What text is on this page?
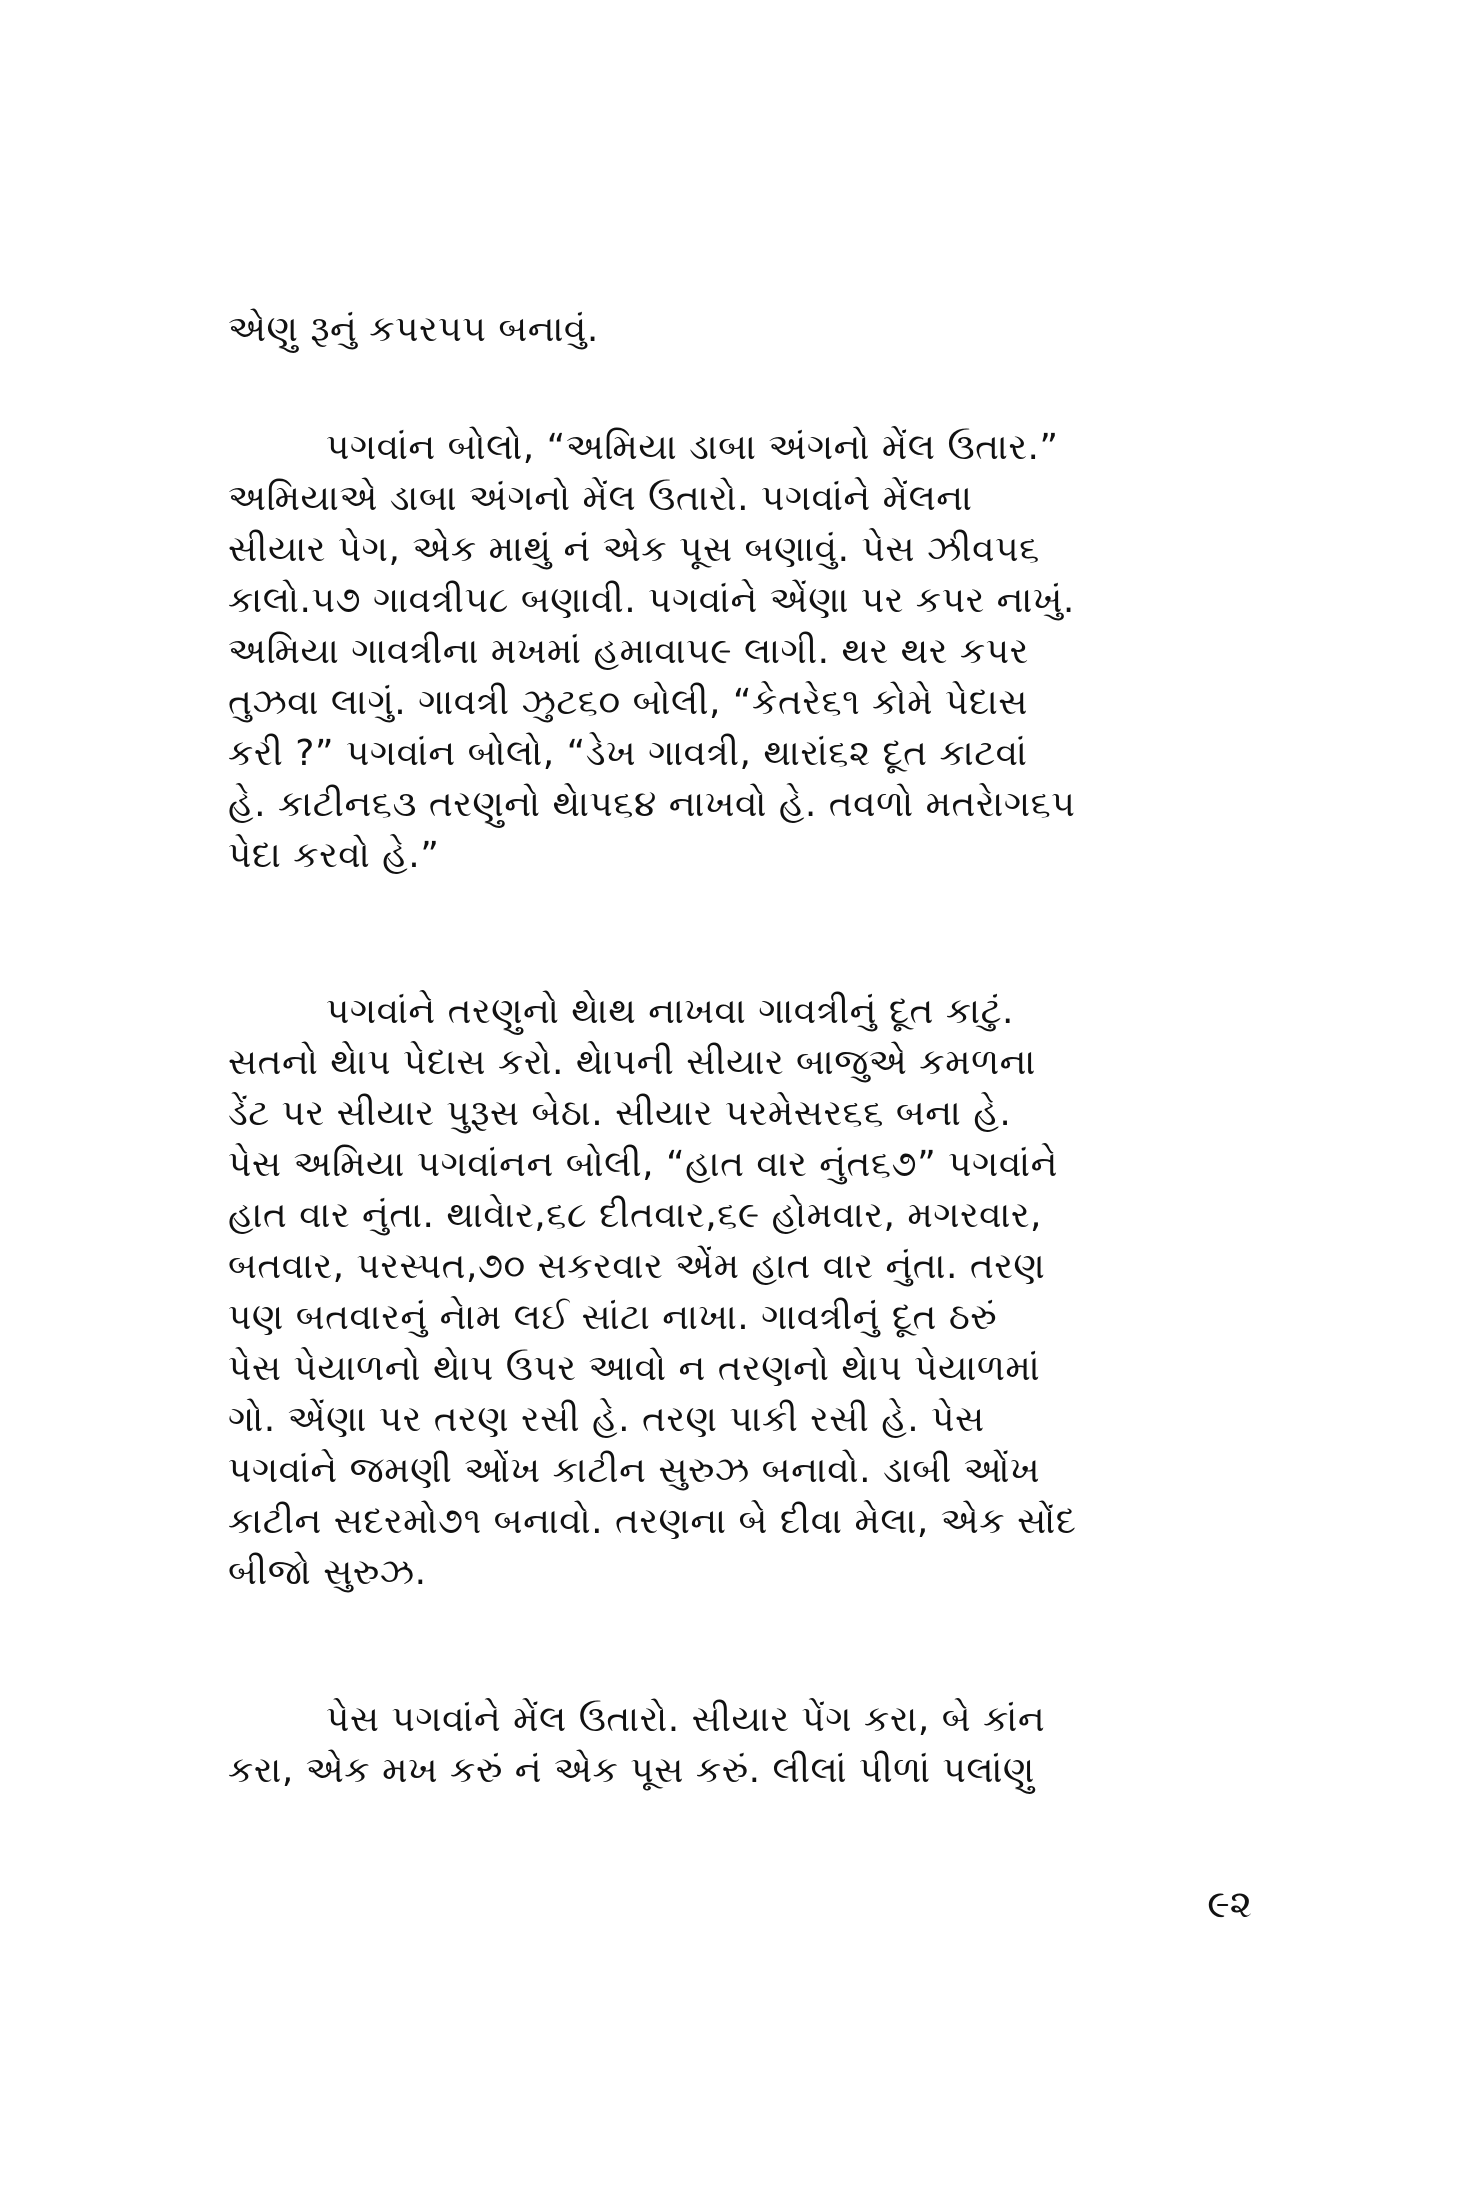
એણુ રૂનું કપર૫૫ બનાવું.
પગવાંન બોલો, “અમિયા ડાબા અંગનો મેંલ ઉતાર.”
અમિયાએ ડાબા અંગનો મેંલ ઉતારો. પગવાંને મેંલના
સીયાર પેગ, એક માથું નં એક પૂસ બણાવું. પેસ ઝીવ૫૬
કાલો.૫૭ ગાવત્રી૫૮ બણાવી. પગવાંને એંણા પર કપર નાખું.
અમિયા ગાવત્રીના મખમાં હમાવા૫૯ લાગી. થર થર કપર
તુઝવા લાગું. ગાવત્રી ઝુટ૬૦ બોલી, “કેતરે૬૧ કોમે પેદાસ
કરી ?” પગવાંન બોલો, “ડેખ ગાવત્રી, થારાં૬૨ દૂત કાટવાં
હે. કાટીન૬૩ તરણુનો થેાપ૬૪ નાખવો હે. તવળો મતરેાગ૬૫
પેદા કરવો હે.”
પગવાંને તરણુનો થેાથ નાખવા ગાવત્રીનું દૂત કાટું.
સતનો થેાપ પેદાસ કરો. થેાપની સીયાર બાજુએ કમળના
ડેંટ પર સીયાર પુરૂસ બેઠા. સીયાર પરમેસર૬૬ બના હે.
પેસ અમિયા પગવાંનન બોલી, “હાત વાર નુંત૬૭” પગવાંને
હાત વાર નુંતા. થાવેાર,૬૮ દીતવાર,૬૯ હોમવાર, મગરવાર,
બતવાર, પરસ્પત,૭૦ સકરવાર એંમ હાત વાર નુંતા. તરણ
પણ બતવારનું નેામ લઈ સાંટા નાખા. ગાવત્રીનું દૂત ઠરું
પેસ પેયાળનો થેાપ ઉપર આવો ન તરણનો થેાપ પેયાળમાં
ગો. એંણા પર તરણ રસી હે. તરણ પાકી રસી હે. પેસ
પગવાંને જમણી ઓંખ કાટીન સુરુઝ બનાવો. ડાબી ઓંખ
કાટીન સદરમો૭૧ બનાવો. તરણના બે દીવા મેલા, એક સોંદ
બીજો સુરુઝ.
પેસ પગવાંને મેંલ ઉતારો. સીયાર પેંગ કરા, બે કાંન
કરા, એક મખ કરું નં એક પૂસ કરું. લીલાં પીળાં પલાંણુ
૯૨
